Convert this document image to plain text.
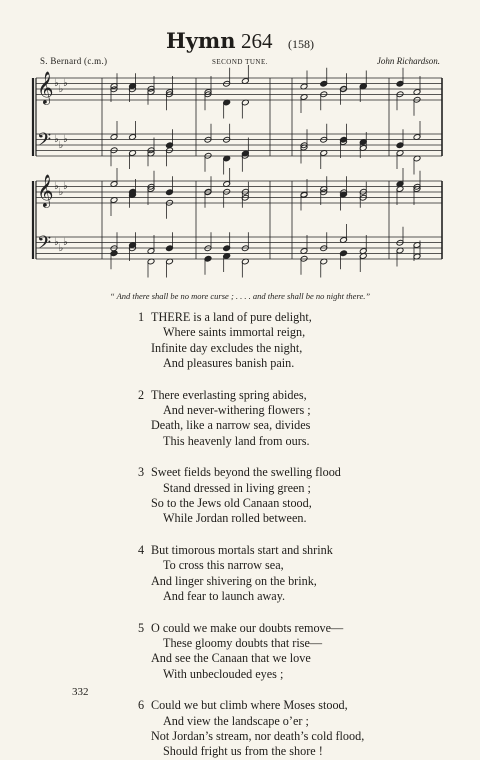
Hymn 264 (158)
S. Bernard (c.m.)	SECOND TUNE.	John Richardson.
𝄞 ♭
♭
♭
𝄢 ♭
♭
♭
𝄞 ♭
♭
♭
𝄢 ♭
♭
♭
“ And there shall be no more curse ; . . . . and there shall be no night there.”
1 THERE is a land of pure delight,
Where saints immortal reign,
Infinite day excludes the night,
And pleasures banish pain.
2 There everlasting spring abides,
And never-withering flowers ;
Death, like a narrow sea, divides
This heavenly land from ours.
3 Sweet fields beyond the swelling flood
Stand dressed in living green ;
So to the Jews old Canaan stood,
While Jordan rolled between.
4 But timorous mortals start and shrink
To cross this narrow sea,
And linger shivering on the brink,
And fear to launch away.
5 O could we make our doubts remove—
These gloomy doubts that rise—
And see the Canaan that we love
With unbeclouded eyes ;
6 Could we but climb where Moses stood,
And view the landscape o’er ;
Not Jordan’s stream, nor death’s cold flood,
Should fright us from the shore !
332
